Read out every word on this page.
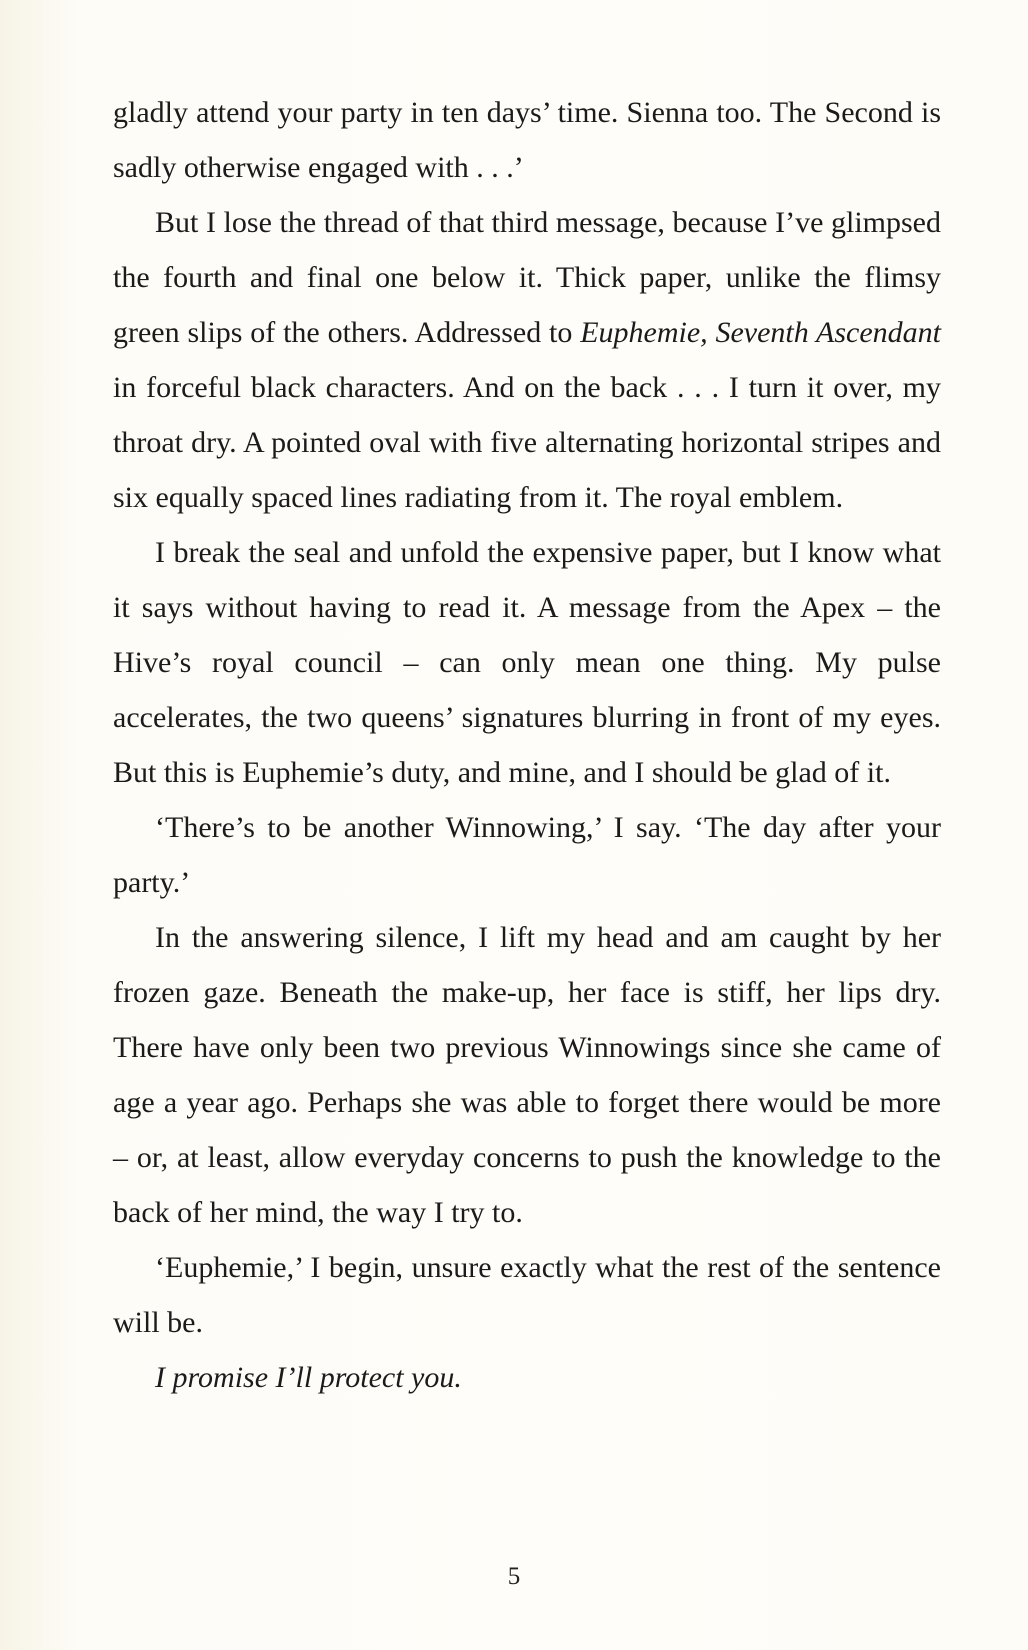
gladly attend your party in ten days’ time. Sienna too. The Second is sadly otherwise engaged with . . .’

But I lose the thread of that third message, because I’ve glimpsed the fourth and final one below it. Thick paper, unlike the flimsy green slips of the others. Addressed to Euphemie, Seventh Ascendant in forceful black characters. And on the back . . . I turn it over, my throat dry. A pointed oval with five alternating horizontal stripes and six equally spaced lines radiating from it. The royal emblem.

I break the seal and unfold the expensive paper, but I know what it says without having to read it. A message from the Apex – the Hive’s royal council – can only mean one thing. My pulse accelerates, the two queens’ signatures blurring in front of my eyes. But this is Euphemie’s duty, and mine, and I should be glad of it.

‘There’s to be another Winnowing,’ I say. ‘The day after your party.’

In the answering silence, I lift my head and am caught by her frozen gaze. Beneath the make-up, her face is stiff, her lips dry. There have only been two previous Winnowings since she came of age a year ago. Perhaps she was able to forget there would be more – or, at least, allow everyday concerns to push the knowledge to the back of her mind, the way I try to.

‘Euphemie,’ I begin, unsure exactly what the rest of the sentence will be.

I promise I’ll protect you.

5
